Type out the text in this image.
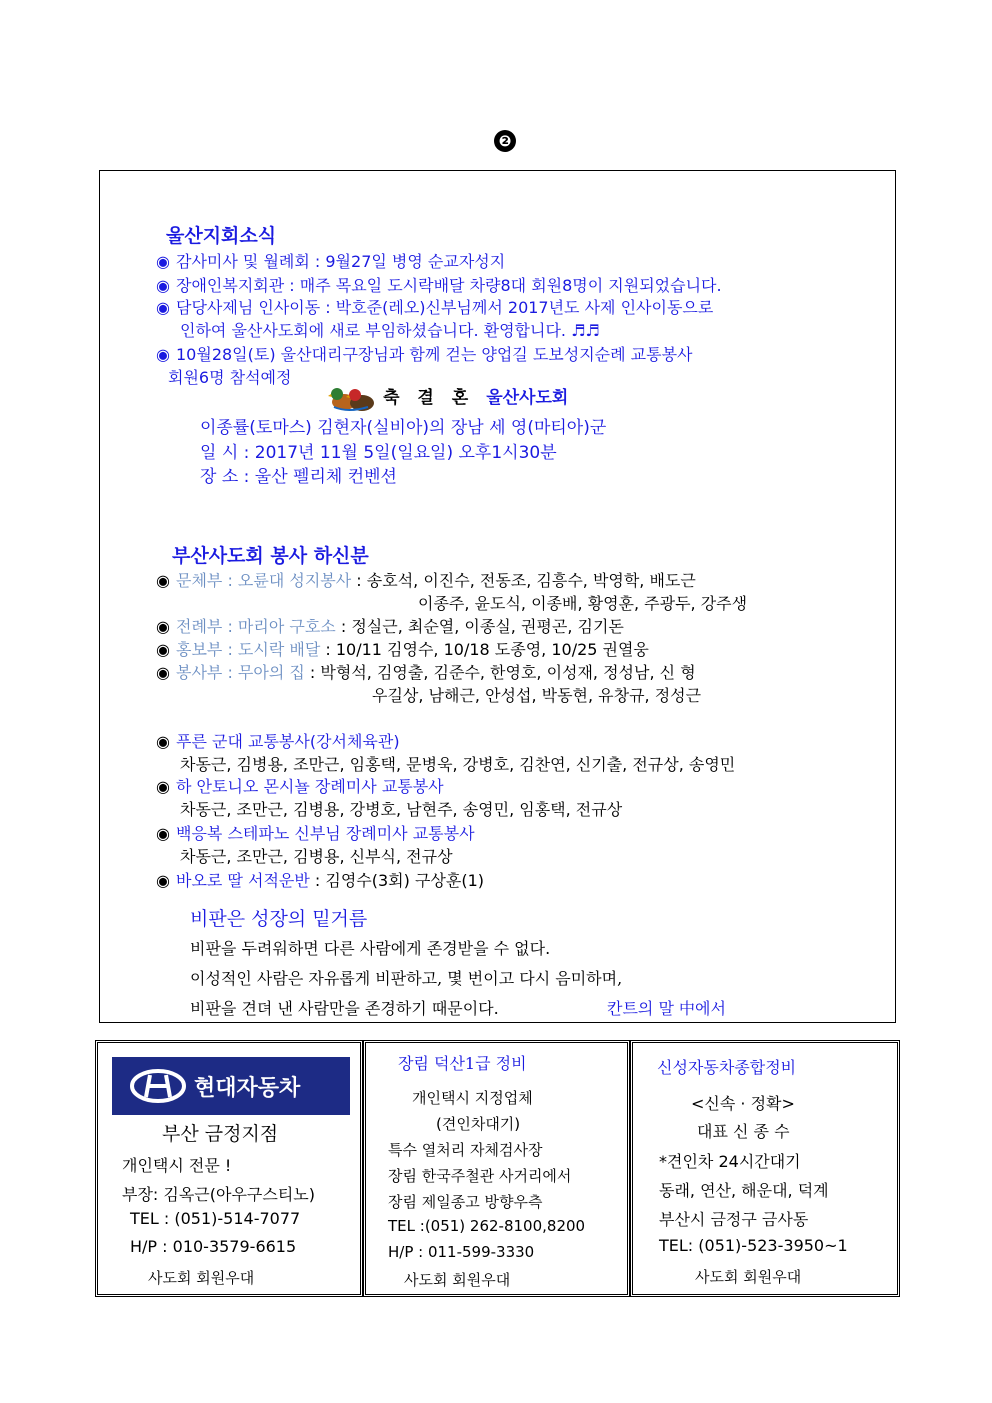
❷
울산지회소식
◉ 감사미사 및 월례회 : 9월27일 병영 순교자성지
◉ 장애인복지회관 : 매주 목요일 도시락배달 차량8대 회원8명이 지원되었습니다.
◉ 담당사제님 인사이동 : 박호준(레오)신부님께서 2017년도 사제 인사이동으로
인하여 울산사도회에 새로 부임하셨습니다. 환영합니다. ♬♬
◉ 10월28일(토) 울산대리구장님과 함께 걷는 양업길 도보성지순례 교통봉사
회원6명 참석예정
축 결 혼 울산사도회
이종률(토마스) 김현자(실비아)의 장남 세 영(마티아)군
일 시 : 2017년 11월 5일(일요일) 오후1시30분
장 소 : 울산 펠리체 컨벤션
부산사도회 봉사 하신분
◉ 문체부 : 오륜대 성지봉사 : 송호석, 이진수, 전동조, 김흥수, 박영학, 배도근
이종주, 윤도식, 이종배, 황영훈, 주광두, 강주생
◉ 전례부 : 마리아 구호소 : 정실근, 최순열, 이종실, 권평곤, 김기돈
◉ 홍보부 : 도시락 배달 : 10/11 김영수, 10/18 도종영, 10/25 권열웅
◉ 봉사부 : 무아의 집 : 박형석, 김영출, 김준수, 한영호, 이성재, 정성남, 신 형
우길상, 남해근, 안성섭, 박동현, 유창규, 정성근
◉ 푸른 군대 교통봉사(강서체육관)
차동근, 김병용, 조만근, 임홍택, 문병욱, 강병호, 김찬연, 신기출, 전규상, 송영민
◉ 하 안토니오 몬시뇰 장례미사 교통봉사
차동근, 조만근, 김병용, 강병호, 남현주, 송영민, 임홍택, 전규상
◉ 백응복 스테파노 신부님 장례미사 교통봉사
차동근, 조만근, 김병용, 신부식, 전규상
◉ 바오로 딸 서적운반 : 김영수(3회) 구상훈(1)
비판은 성장의 밑거름
비판을 두려워하면 다른 사람에게 존경받을 수 없다.
이성적인 사람은 자유롭게 비판하고, 몇 번이고 다시 음미하며,
비판을 견뎌 낸 사람만을 존경하기 때문이다.	칸트의 말 中에서
현대자동차
부산 금정지점
개인택시 전문 !
부장: 김옥근(아우구스티노)
TEL : (051)-514-7077
H/P : 010-3579-6615
사도회 회원우대
장림 덕산1급 정비
개인택시 지정업체
(견인차대기)
특수 열처리 자체검사장
장림 한국주철관 사거리에서
장림 제일종고 방향우측
TEL :(051) 262-8100,8200
H/P : 011-599-3330
사도회 회원우대
신성자동차종합정비
<신속 · 정확>
대표 신 종 수
*견인차 24시간대기
동래, 연산, 해운대, 덕계
부산시 금정구 금사동
TEL: (051)-523-3950~1
사도회 회원우대
